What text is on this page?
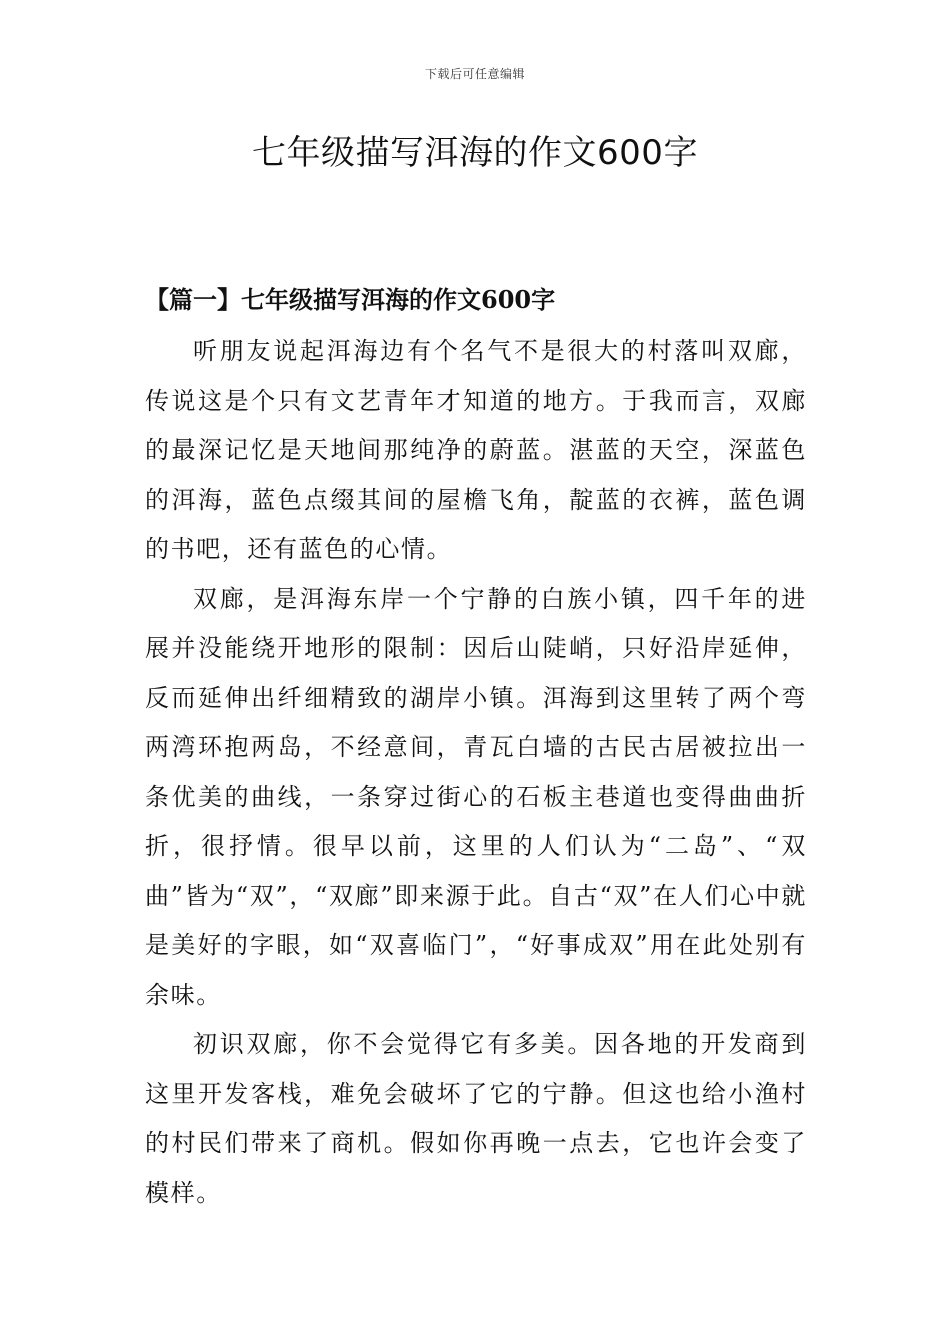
下载后可任意编辑
七年级描写洱海的作文600字
【篇一】七年级描写洱海的作文600字

听朋友说起洱海边有个名气不是很大的村落叫双廊，传说这是个只有文艺青年才知道的地方。于我而言，双廊的最深记忆是天地间那纯净的蔚蓝。湛蓝的天空，深蓝色的洱海，蓝色点缀其间的屋檐飞角，靛蓝的衣裤，蓝色调的书吧，还有蓝色的心情。

双廊，是洱海东岸一个宁静的白族小镇，四千年的进展并没能绕开地形的限制：因后山陡峭，只好沿岸延伸，反而延伸出纤细精致的湖岸小镇。洱海到这里转了两个弯两湾环抱两岛，不经意间，青瓦白墙的古民古居被拉出一条优美的曲线，一条穿过街心的石板主巷道也变得曲曲折折，很抒情。很早以前，这里的人们认为“二岛”、“双曲”皆为“双”，“双廊”即来源于此。自古“双”在人们心中就是美好的字眼，如“双喜临门”，“好事成双”用在此处别有余味。

初识双廊，你不会觉得它有多美。因各地的开发商到这里开发客栈，难免会破坏了它的宁静。但这也给小渔村的村民们带来了商机。假如你再晚一点去，它也许会变了模样。
